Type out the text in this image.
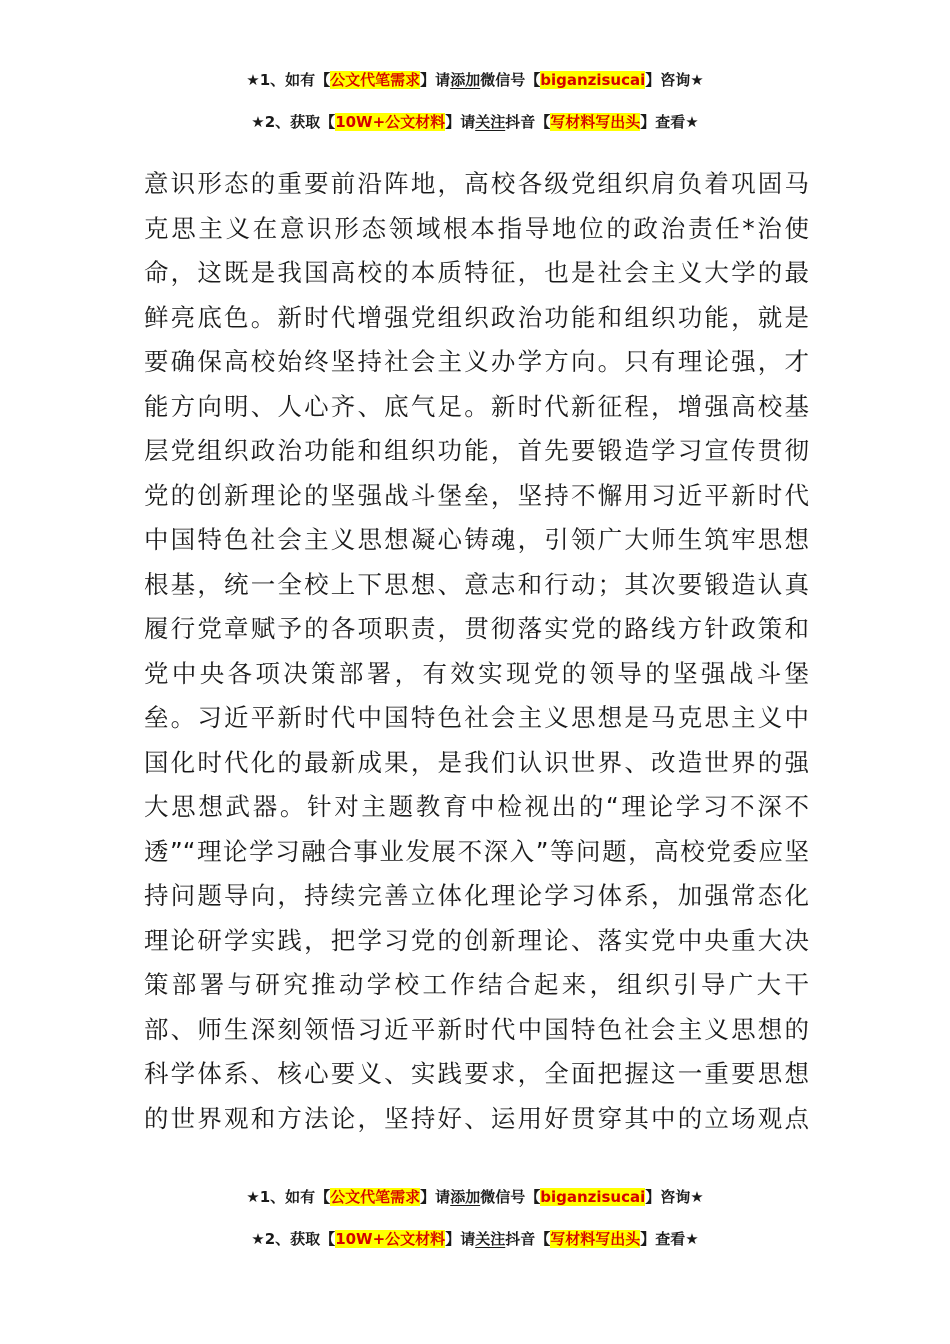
★1、如有【公文代笔需求】请添加微信号【biganzisucai】咨询★
★2、获取【10W+公文材料】请关注抖音【写材料写出头】查看★
意识形态的重要前沿阵地，高校各级党组织肩负着巩固马
克思主义在意识形态领域根本指导地位的政治责任*治使
命，这既是我国高校的本质特征，也是社会主义大学的最
鲜亮底色。新时代增强党组织政治功能和组织功能，就是
要确保高校始终坚持社会主义办学方向。只有理论强，才
能方向明、人心齐、底气足。新时代新征程，增强高校基
层党组织政治功能和组织功能，首先要锻造学习宣传贯彻
党的创新理论的坚强战斗堡垒，坚持不懈用习近平新时代
中国特色社会主义思想凝心铸魂，引领广大师生筑牢思想
根基，统一全校上下思想、意志和行动；其次要锻造认真
履行党章赋予的各项职责，贯彻落实党的路线方针政策和
党中央各项决策部署，有效实现党的领导的坚强战斗堡
垒。习近平新时代中国特色社会主义思想是马克思主义中
国化时代化的最新成果，是我们认识世界、改造世界的强
大思想武器。针对主题教育中检视出的“理论学习不深不
透”“理论学习融合事业发展不深入”等问题，高校党委应坚
持问题导向，持续完善立体化理论学习体系，加强常态化
理论研学实践，把学习党的创新理论、落实党中央重大决
策部署与研究推动学校工作结合起来，组织引导广大干
部、师生深刻领悟习近平新时代中国特色社会主义思想的
科学体系、核心要义、实践要求，全面把握这一重要思想
的世界观和方法论，坚持好、运用好贯穿其中的立场观点
★1、如有【公文代笔需求】请添加微信号【biganzisucai】咨询★
★2、获取【10W+公文材料】请关注抖音【写材料写出头】查看★
